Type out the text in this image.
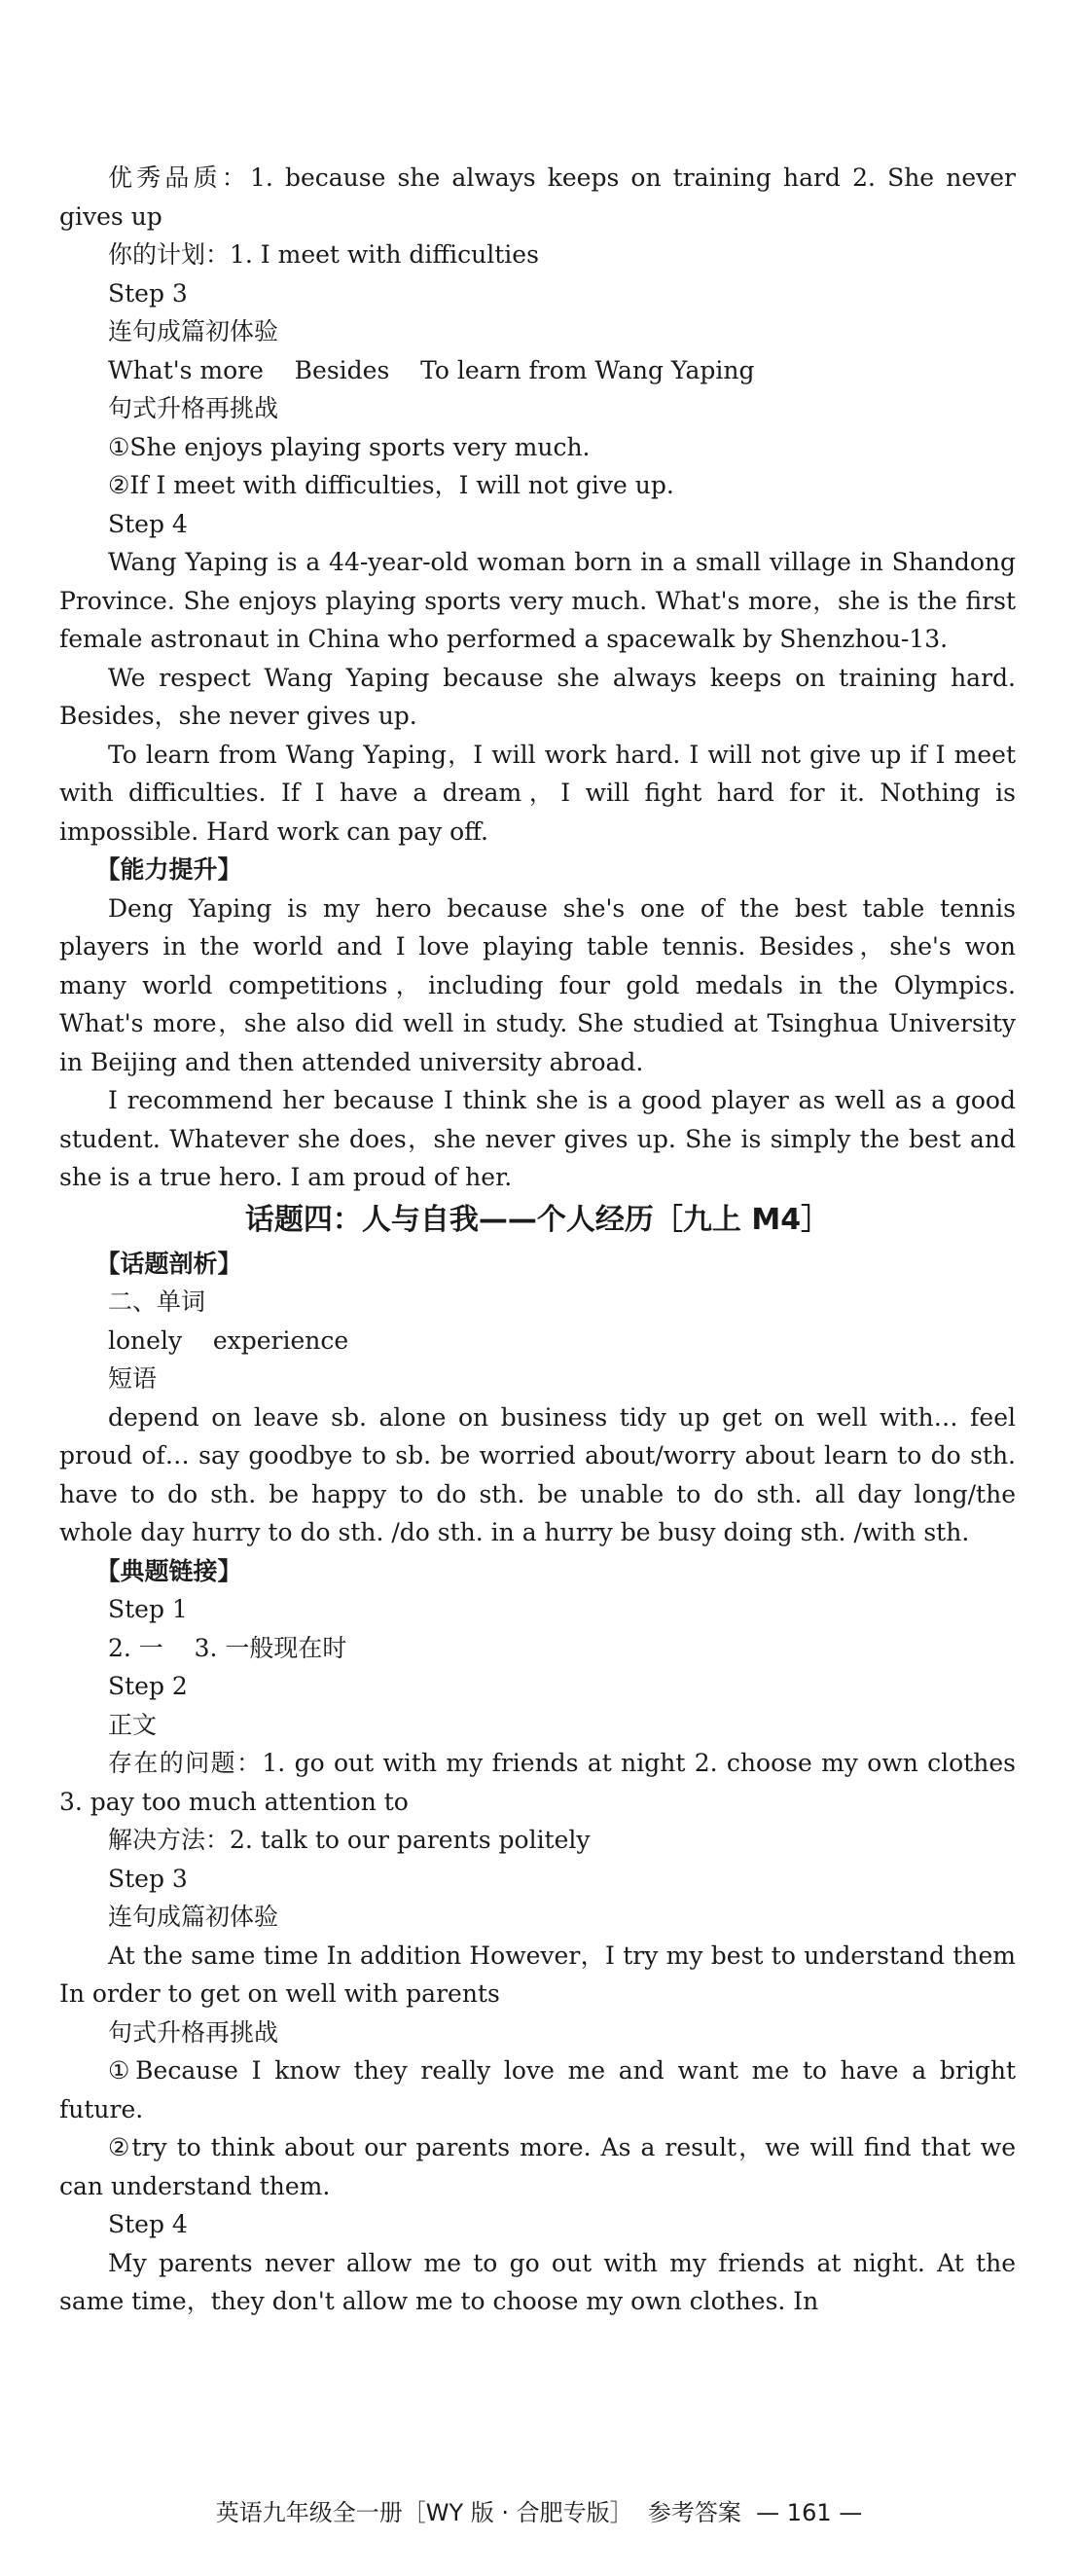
优秀品质：1. because she always keeps on training hard 2. She never gives up

你的计划：1. I meet with difficulties

Step 3

连句成篇初体验

What's more    Besides    To learn from Wang Yaping

句式升格再挑战

①She enjoys playing sports very much.

②If I meet with difficulties，I will not give up.

Step 4

Wang Yaping is a 44-year-old woman born in a small village in Shandong Province. She enjoys playing sports very much. What's more，she is the first female astronaut in China who performed a spacewalk by Shenzhou-13.

We respect Wang Yaping because she always keeps on training hard. Besides，she never gives up.

To learn from Wang Yaping，I will work hard. I will not give up if I meet with difficulties. If I have a dream，I will fight hard for it. Nothing is impossible. Hard work can pay off.

【能力提升】

Deng Yaping is my hero because she's one of the best table tennis players in the world and I love playing table tennis. Besides，she's won many world competitions，including four gold medals in the Olympics. What's more，she also did well in study. She studied at Tsinghua University in Beijing and then attended university abroad.

I recommend her because I think she is a good player as well as a good student. Whatever she does，she never gives up. She is simply the best and she is a true hero. I am proud of her.

话题四：人与自我——个人经历［九上 M4］

【话题剖析】

二、单词

lonely    experience

短语

depend on leave sb. alone on business tidy up get on well with… feel proud of… say goodbye to sb. be worried about/worry about learn to do sth. have to do sth. be happy to do sth. be unable to do sth. all day long/the whole day hurry to do sth. /do sth. in a hurry be busy doing sth. /with sth.

【典题链接】

Step 1

2. 一    3. 一般现在时

Step 2

正文

存在的问题：1. go out with my friends at night 2. choose my own clothes 3. pay too much attention to

解决方法：2. talk to our parents politely

Step 3

连句成篇初体验

At the same time In addition However，I try my best to understand them In order to get on well with parents

句式升格再挑战

①Because I know they really love me and want me to have a bright future.

②try to think about our parents more. As a result，we will find that we can understand them.

Step 4

My parents never allow me to go out with my friends at night. At the same time，they don't allow me to choose my own clothes. In

英语九年级全一册［WY 版 · 合肥专版］  参考答案  — 161 —
